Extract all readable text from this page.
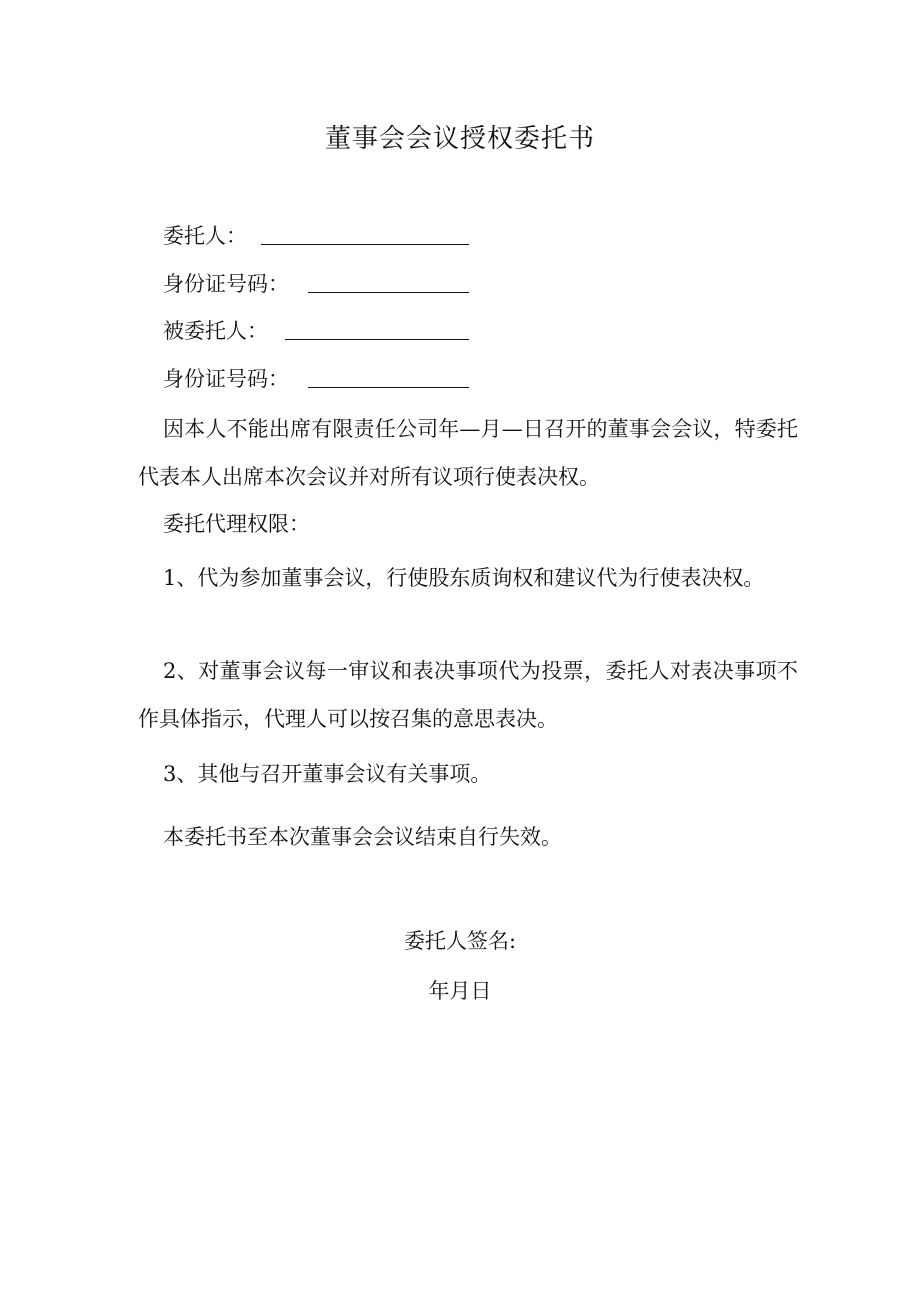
董事会会议授权委托书
委托人：
身份证号码：
被委托人：
身份证号码：
因本人不能出席有限责任公司年—月—日召开的董事会会议，特委托代表本人出席本次会议并对所有议项行使表决权。
委托代理权限：
1、代为参加董事会议，行使股东质询权和建议代为行使表决权。
2、对董事会议每一审议和表决事项代为投票，委托人对表决事项不作具体指示，代理人可以按召集的意思表决。
3、其他与召开董事会议有关事项。
本委托书至本次董事会会议结束自行失效。
委托人签名:
年月日
